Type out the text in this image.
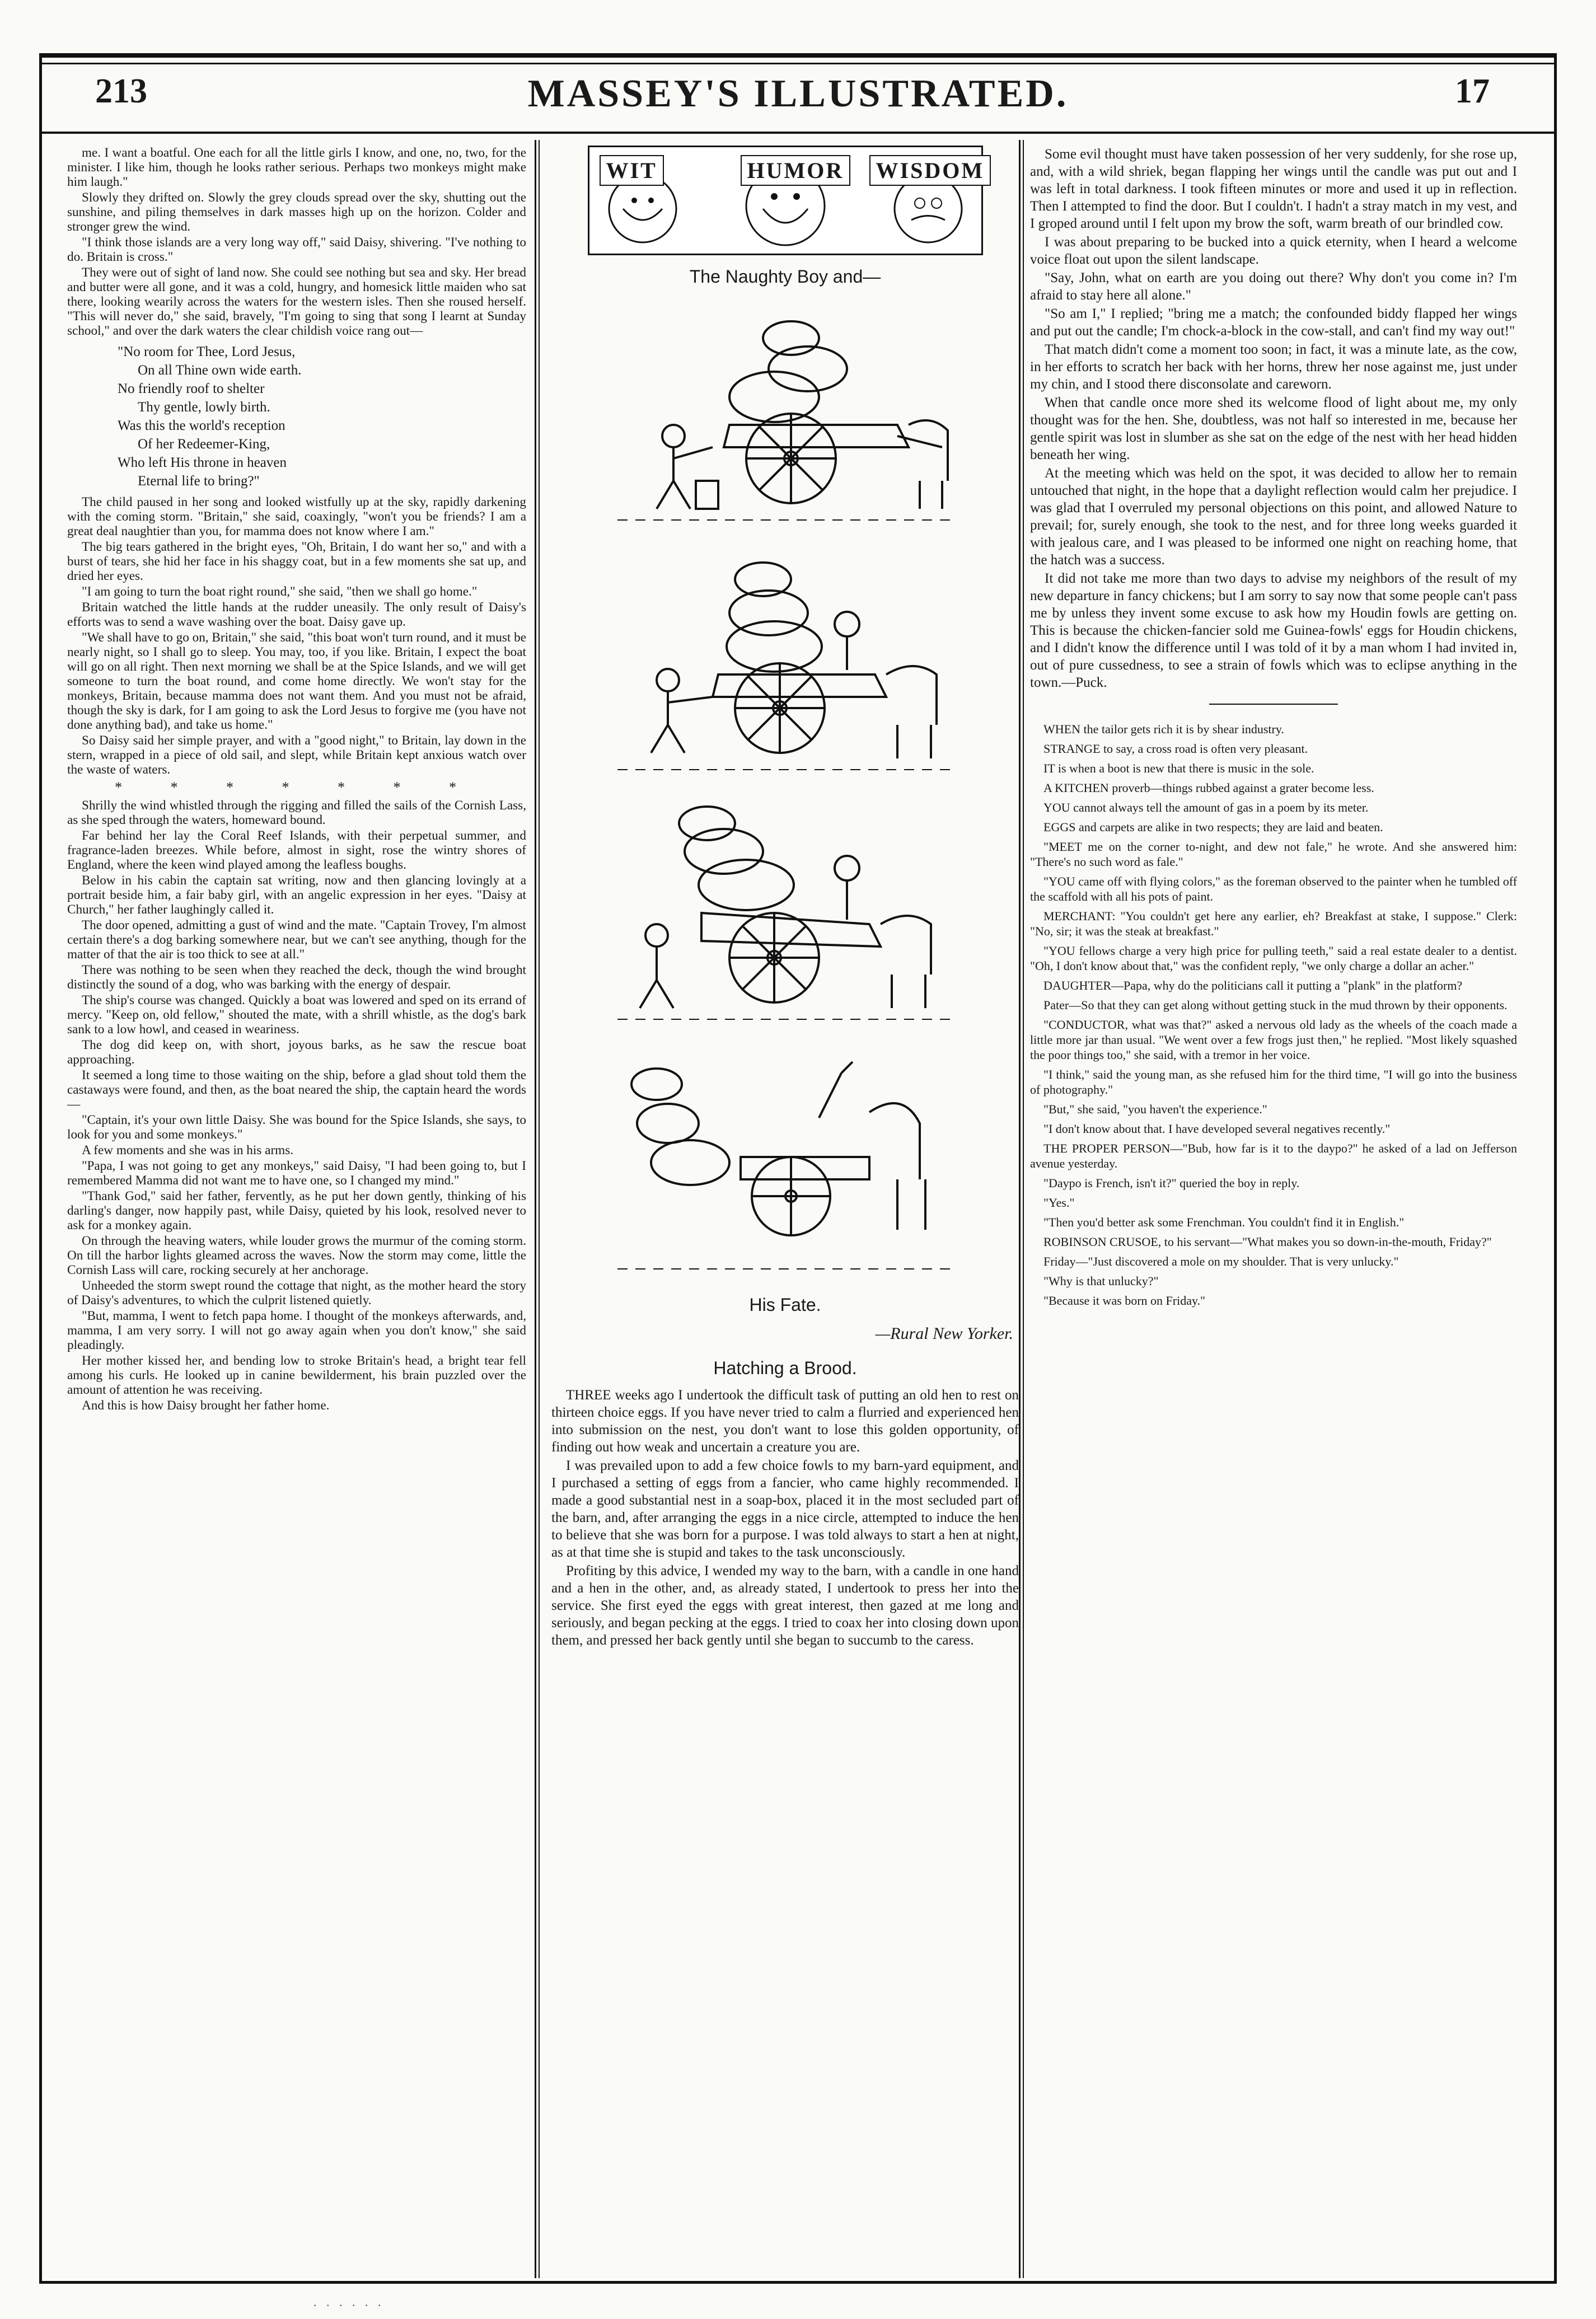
MASSEY'S ILLUSTRATED.
213	17

me. I want a boatful. One each for all the little girls I know, and one, no, two, for the minister. I like him, though he looks rather serious. Perhaps two monkeys might make him laugh."

Slowly they drifted on. Slowly the grey clouds spread over the sky, shutting out the sunshine, and piling themselves in dark masses high up on the horizon. Colder and stronger grew the wind.

"I think those islands are a very long way off," said Daisy, shivering. "I've nothing to do. Britain is cross."

They were out of sight of land now. She could see nothing but sea and sky. Her bread and butter were all gone, and it was a cold, hungry, and homesick little maiden who sat there, looking wearily across the waters for the western isles. Then she roused herself. "This will never do," she said, bravely, "I'm going to sing that song I learnt at Sunday school," and over the dark waters the clear childish voice rang out—

"No room for Thee, Lord Jesus,
On all Thine own wide earth.
No friendly roof to shelter
Thy gentle, lowly birth.
Was this the world's reception
Of her Redeemer-King,
Who left His throne in heaven
Eternal life to bring?"

The child paused in her song and looked wistfully up at the sky, rapidly darkening with the coming storm. "Britain," she said, coaxingly, "won't you be friends? I am a great deal naughtier than you, for mamma does not know where I am."

The big tears gathered in the bright eyes, "Oh, Britain, I do want her so," and with a burst of tears, she hid her face in his shaggy coat, but in a few moments she sat up, and dried her eyes.

"I am going to turn the boat right round," she said, "then we shall go home."

Britain watched the little hands at the rudder uneasily. The only result of Daisy's efforts was to send a wave washing over the boat. Daisy gave up.

"We shall have to go on, Britain," she said, "this boat won't turn round, and it must be nearly night, so I shall go to sleep. You may, too, if you like. Britain, I expect the boat will go on all right. Then next morning we shall be at the Spice Islands, and we will get someone to turn the boat round, and come home directly. We won't stay for the monkeys, Britain, because mamma does not want them. And you must not be afraid, though the sky is dark, for I am going to ask the Lord Jesus to forgive me (you have not done anything bad), and take us home."

So Daisy said her simple prayer, and with a "good night," to Britain, lay down in the stern, wrapped in a piece of old sail, and slept, while Britain kept anxious watch over the waste of waters.

* * * * * * *

Shrilly the wind whistled through the rigging and filled the sails of the Cornish Lass, as she sped through the waters, homeward bound.

Far behind her lay the Coral Reef Islands, with their perpetual summer, and fragrance-laden breezes. While before, almost in sight, rose the wintry shores of England, where the keen wind played among the leafless boughs.

Below in his cabin the captain sat writing, now and then glancing lovingly at a portrait beside him, a fair baby girl, with an angelic expression in her eyes. "Daisy at Church," her father laughingly called it.

The door opened, admitting a gust of wind and the mate. "Captain Trovey, I'm almost certain there's a dog barking somewhere near, but we can't see anything, though for the matter of that the air is too thick to see at all."

There was nothing to be seen when they reached the deck, though the wind brought distinctly the sound of a dog, who was barking with the energy of despair.

The ship's course was changed. Quickly a boat was lowered and sped on its errand of mercy. "Keep on, old fellow," shouted the mate, with a shrill whistle, as the dog's bark sank to a low howl, and ceased in weariness.

The dog did keep on, with short, joyous barks, as he saw the rescue boat approaching.

It seemed a long time to those waiting on the ship, before a glad shout told them the castaways were found, and then, as the boat neared the ship, the captain heard the words—

"Captain, it's your own little Daisy. She was bound for the Spice Islands, she says, to look for you and some monkeys."

A few moments and she was in his arms.

"Papa, I was not going to get any monkeys," said Daisy, "I had been going to, but I remembered Mamma did not want me to have one, so I changed my mind."

"Thank God," said her father, fervently, as he put her down gently, thinking of his darling's danger, now happily past, while Daisy, quieted by his look, resolved never to ask for a monkey again.

On through the heaving waters, while louder grows the murmur of the coming storm. On till the harbor lights gleamed across the waves. Now the storm may come, little the Cornish Lass will care, rocking securely at her anchorage.

Unheeded the storm swept round the cottage that night, as the mother heard the story of Daisy's adventures, to which the culprit listened quietly.

"But, mamma, I went to fetch papa home. I thought of the monkeys afterwards, and, mamma, I am very sorry. I will not go away again when you don't know," she said pleadingly.

Her mother kissed her, and bending low to stroke Britain's head, a bright tear fell among his curls. He looked up in canine bewilderment, his brain puzzled over the amount of attention he was receiving.

And this is how Daisy brought her father home.

WIT	HUMOR	WISDOM
The Naughty Boy and—
His Fate.
—Rural New Yorker.
Hatching a Brood.

THREE weeks ago I undertook the difficult task of putting an old hen to rest on thirteen choice eggs. If you have never tried to calm a flurried and experienced hen into submission on the nest, you don't want to lose this golden opportunity, of finding out how weak and uncertain a creature you are.

I was prevailed upon to add a few choice fowls to my barn-yard equipment, and I purchased a setting of eggs from a fancier, who came highly recommended. I made a good substantial nest in a soap-box, placed it in the most secluded part of the barn, and, after arranging the eggs in a nice circle, attempted to induce the hen to believe that she was born for a purpose. I was told always to start a hen at night, as at that time she is stupid and takes to the task unconsciously.

Profiting by this advice, I wended my way to the barn, with a candle in one hand and a hen in the other, and, as already stated, I undertook to press her into the service. She first eyed the eggs with great interest, then gazed at me long and seriously, and began pecking at the eggs. I tried to coax her into closing down upon them, and pressed her back gently until she began to succumb to the caress.

Some evil thought must have taken possession of her very suddenly, for she rose up, and, with a wild shriek, began flapping her wings until the candle was put out and I was left in total darkness. I took fifteen minutes or more and used it up in reflection. Then I attempted to find the door. But I couldn't. I hadn't a stray match in my vest, and I groped around until I felt upon my brow the soft, warm breath of our brindled cow.

I was about preparing to be bucked into a quick eternity, when I heard a welcome voice float out upon the silent landscape.

"Say, John, what on earth are you doing out there? Why don't you come in? I'm afraid to stay here all alone."

"So am I," I replied; "bring me a match; the confounded biddy flapped her wings and put out the candle; I'm chock-a-block in the cow-stall, and can't find my way out!"

That match didn't come a moment too soon; in fact, it was a minute late, as the cow, in her efforts to scratch her back with her horns, threw her nose against me, just under my chin, and I stood there disconsolate and careworn.

When that candle once more shed its welcome flood of light about me, my only thought was for the hen. She, doubtless, was not half so interested in me, because her gentle spirit was lost in slumber as she sat on the edge of the nest with her head hidden beneath her wing.

At the meeting which was held on the spot, it was decided to allow her to remain untouched that night, in the hope that a daylight reflection would calm her prejudice. I was glad that I overruled my personal objections on this point, and allowed Nature to prevail; for, surely enough, she took to the nest, and for three long weeks guarded it with jealous care, and I was pleased to be informed one night on reaching home, that the hatch was a success.

It did not take me more than two days to advise my neighbors of the result of my new departure in fancy chickens; but I am sorry to say now that some people can't pass me by unless they invent some excuse to ask how my Houdin fowls are getting on. This is because the chicken-fancier sold me Guinea-fowls' eggs for Houdin chickens, and I didn't know the difference until I was told of it by a man whom I had invited in, out of pure cussedness, to see a strain of fowls which was to eclipse anything in the town.—Puck.

WHEN the tailor gets rich it is by shear industry.

STRANGE to say, a cross road is often very pleasant.

IT is when a boot is new that there is music in the sole.

A KITCHEN proverb—things rubbed against a grater become less.

YOU cannot always tell the amount of gas in a poem by its meter.

EGGS and carpets are alike in two respects; they are laid and beaten.

"MEET me on the corner to-night, and dew not fale," he wrote. And she answered him: "There's no such word as fale."

"YOU came off with flying colors," as the foreman observed to the painter when he tumbled off the scaffold with all his pots of paint.

MERCHANT: "You couldn't get here any earlier, eh? Breakfast at stake, I suppose." Clerk: "No, sir; it was the steak at breakfast."

"YOU fellows charge a very high price for pulling teeth," said a real estate dealer to a dentist. "Oh, I don't know about that," was the confident reply, "we only charge a dollar an acher."

DAUGHTER—Papa, why do the politicians call it putting a "plank" in the platform?

Pater—So that they can get along without getting stuck in the mud thrown by their opponents.

"CONDUCTOR, what was that?" asked a nervous old lady as the wheels of the coach made a little more jar than usual. "We went over a few frogs just then," he replied. "Most likely squashed the poor things too," she said, with a tremor in her voice.

"I think," said the young man, as she refused him for the third time, "I will go into the business of photography."

"But," she said, "you haven't the experience."

"I don't know about that. I have developed several negatives recently."

THE PROPER PERSON—"Bub, how far is it to the daypo?" he asked of a lad on Jefferson avenue yesterday.

"Daypo is French, isn't it?" queried the boy in reply.

"Yes."

"Then you'd better ask some Frenchman. You couldn't find it in English."

ROBINSON CRUSOE, to his servant—"What makes you so down-in-the-mouth, Friday?"

Friday—"Just discovered a mole on my shoulder. That is very unlucky."

"Why is that unlucky?"

"Because it was born on Friday."

. . . . . .
